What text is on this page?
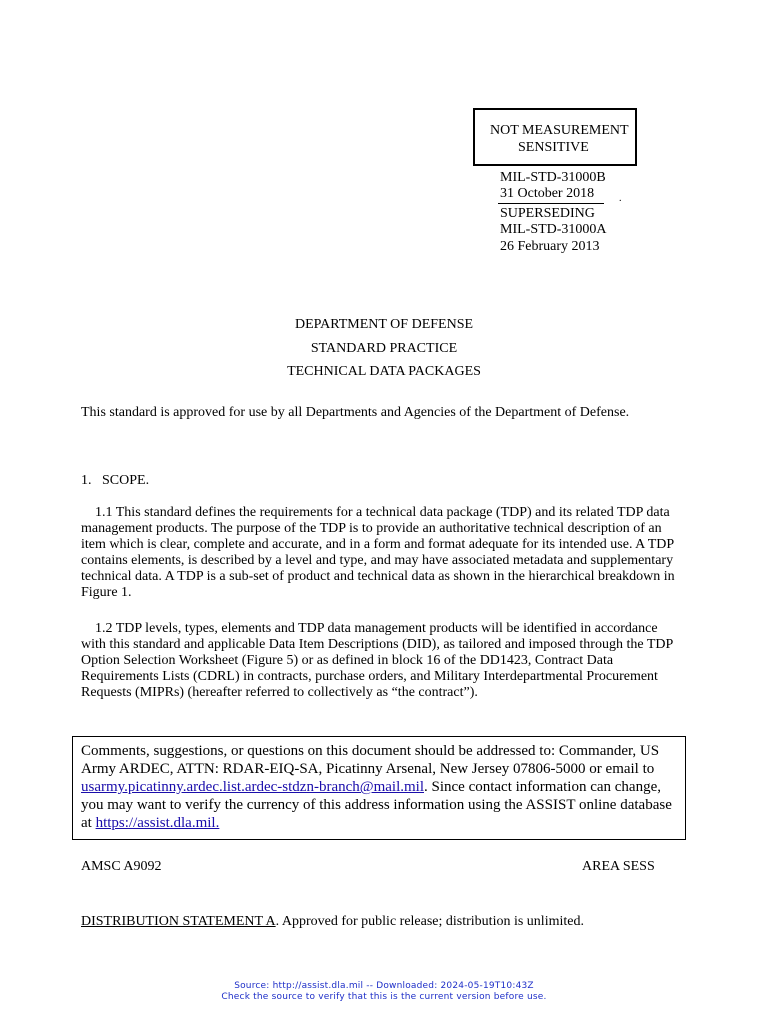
NOT MEASUREMENT
SENSITIVE
MIL-STD-31000B
31 October 2018 .
SUPERSEDING
MIL-STD-31000A
26 February 2013
DEPARTMENT OF DEFENSE
STANDARD PRACTICE
TECHNICAL DATA PACKAGES
This standard is approved for use by all Departments and Agencies of the Department of Defense.
1.   SCOPE.
1.1 This standard defines the requirements for a technical data package (TDP) and its related TDP data
management products. The purpose of the TDP is to provide an authoritative technical description of an
item which is clear, complete and accurate, and in a form and format adequate for its intended use. A TDP
contains elements, is described by a level and type, and may have associated metadata and supplementary
technical data. A TDP is a sub-set of product and technical data as shown in the hierarchical breakdown in
Figure 1.
1.2 TDP levels, types, elements and TDP data management products will be identified in accordance
with this standard and applicable Data Item Descriptions (DID), as tailored and imposed through the TDP
Option Selection Worksheet (Figure 5) or as defined in block 16 of the DD1423, Contract Data
Requirements Lists (CDRL) in contracts, purchase orders, and Military Interdepartmental Procurement
Requests (MIPRs) (hereafter referred to collectively as “the contract”).
Comments, suggestions, or questions on this document should be addressed to: Commander, US
Army ARDEC, ATTN: RDAR-EIQ-SA, Picatinny Arsenal, New Jersey 07806-5000 or email to
usarmy.picatinny.ardec.list.ardec-stdzn-branch@mail.mil. Since contact information can change,
you may want to verify the currency of this address information using the ASSIST online database
at https://assist.dla.mil.
AMSC A9092	AREA SESS
DISTRIBUTION STATEMENT A. Approved for public release; distribution is unlimited.
Source: http://assist.dla.mil -- Downloaded: 2024-05-19T10:43Z
Check the source to verify that this is the current version before use.
